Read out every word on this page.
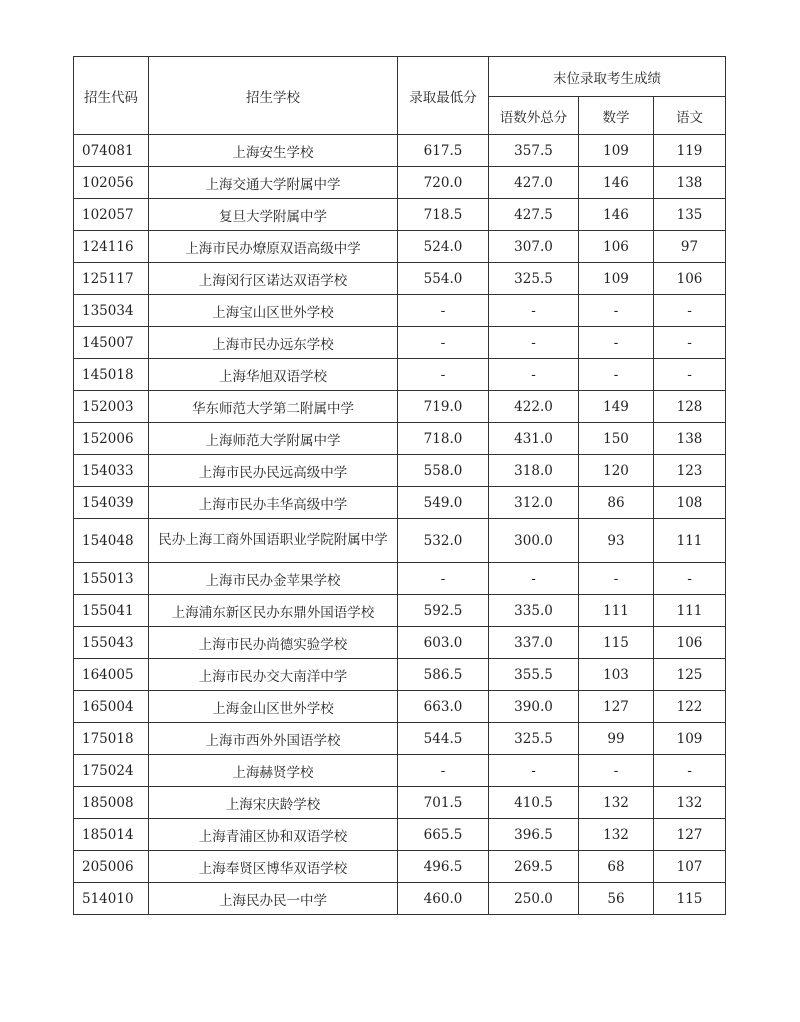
招生代码	招生学校	录取最低分	末位录取考生成绩		
			语数外总分	数学	语文
074081	上海安生学校	617.5	357.5	109	119
102056	上海交通大学附属中学	720.0	427.0	146	138
102057	复旦大学附属中学	718.5	427.5	146	135
124116	上海市民办燎原双语高级中学	524.0	307.0	106	97
125117	上海闵行区诺达双语学校	554.0	325.5	109	106
135034	上海宝山区世外学校	-	-	-	-
145007	上海市民办远东学校	-	-	-	-
145018	上海华旭双语学校	-	-	-	-
152003	华东师范大学第二附属中学	719.0	422.0	149	128
152006	上海师范大学附属中学	718.0	431.0	150	138
154033	上海市民办民远高级中学	558.0	318.0	120	123
154039	上海市民办丰华高级中学	549.0	312.0	86	108
154048	民办上海工商外国语职业学院附属中学	532.0	300.0	93	111
155013	上海市民办金苹果学校	-	-	-	-
155041	上海浦东新区民办东鼎外国语学校	592.5	335.0	111	111
155043	上海市民办尚德实验学校	603.0	337.0	115	106
164005	上海市民办交大南洋中学	586.5	355.5	103	125
165004	上海金山区世外学校	663.0	390.0	127	122
175018	上海市西外外国语学校	544.5	325.5	99	109
175024	上海赫贤学校	-	-	-	-
185008	上海宋庆龄学校	701.5	410.5	132	132
185014	上海青浦区协和双语学校	665.5	396.5	132	127
205006	上海奉贤区博华双语学校	496.5	269.5	68	107
514010	上海民办民一中学	460.0	250.0	56	115
